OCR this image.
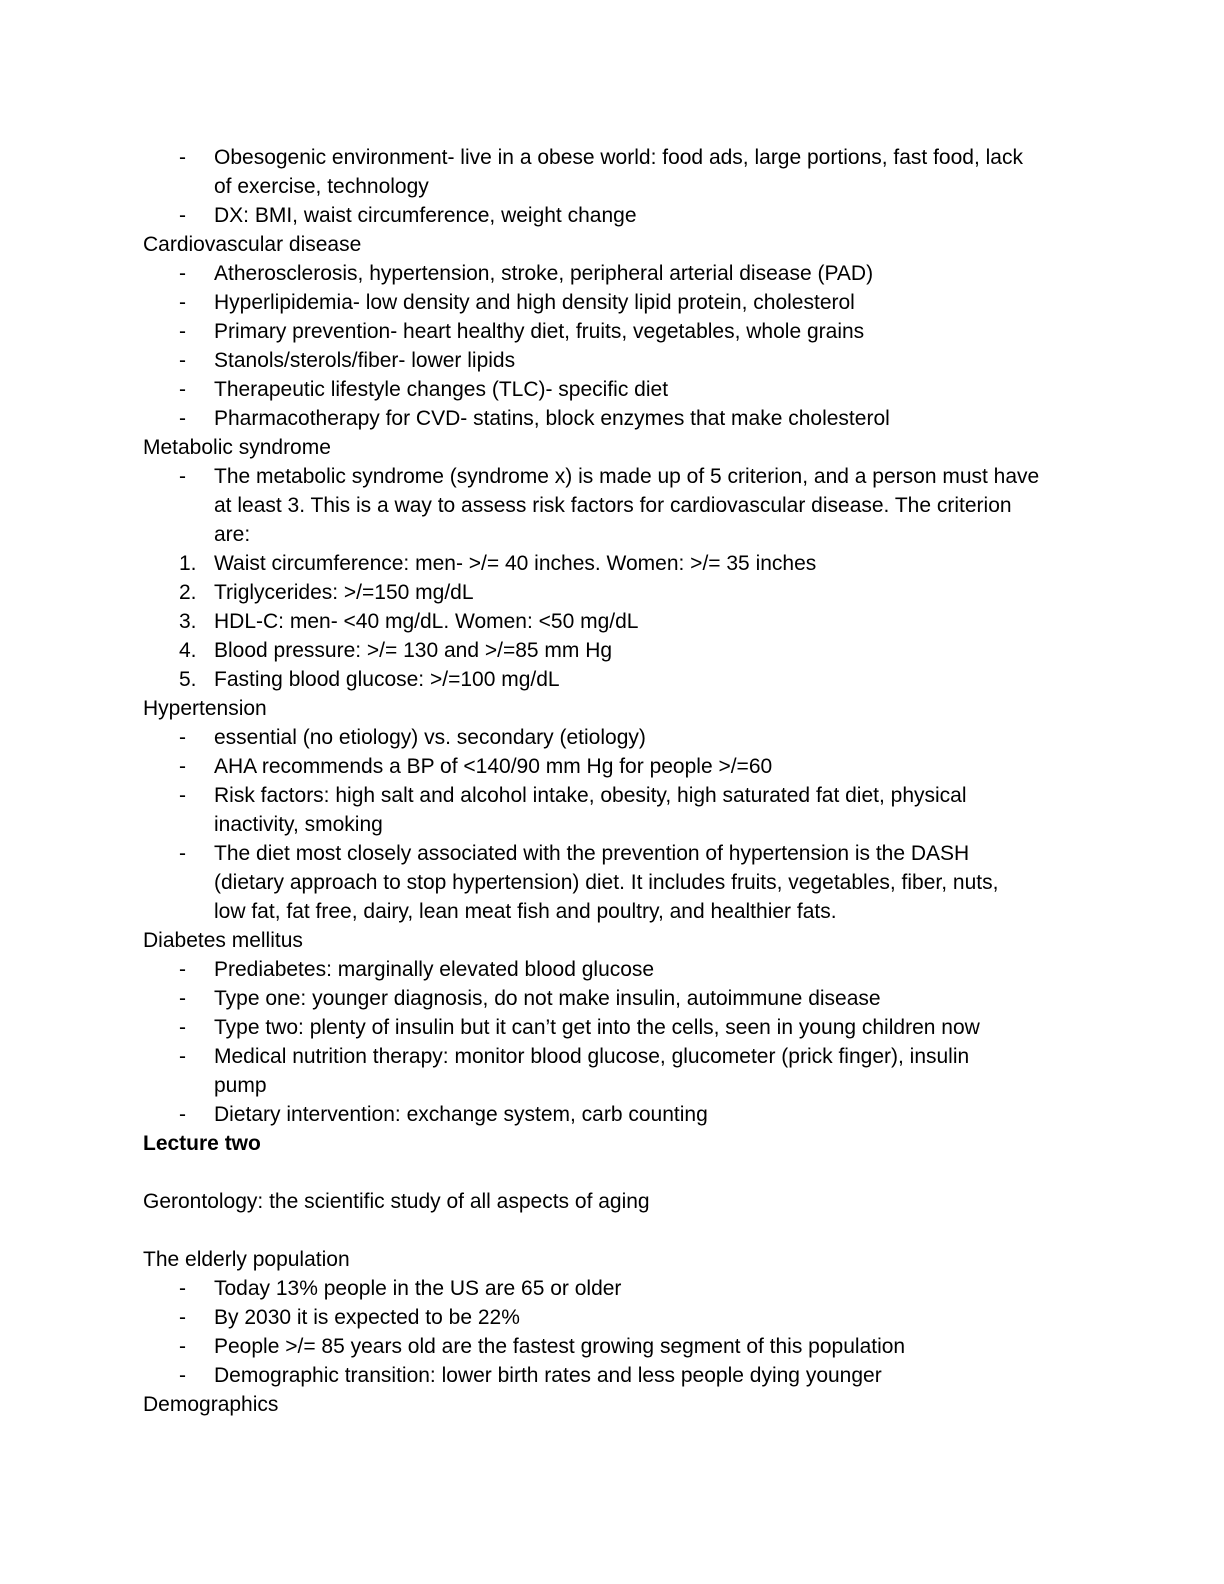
- Obesogenic environment- live in a obese world: food ads, large portions, fast food, lack
of exercise, technology
- DX: BMI, waist circumference, weight change
Cardiovascular disease
- Atherosclerosis, hypertension, stroke, peripheral arterial disease (PAD)
- Hyperlipidemia- low density and high density lipid protein, cholesterol
- Primary prevention- heart healthy diet, fruits, vegetables, whole grains
- Stanols/sterols/fiber- lower lipids
- Therapeutic lifestyle changes (TLC)- specific diet
- Pharmacotherapy for CVD- statins, block enzymes that make cholesterol
Metabolic syndrome
- The metabolic syndrome (syndrome x) is made up of 5 criterion, and a person must have
at least 3. This is a way to assess risk factors for cardiovascular disease. The criterion
are:
1. Waist circumference: men- >/= 40 inches. Women: >/= 35 inches
2. Triglycerides: >/=150 mg/dL
3. HDL-C: men- <40 mg/dL. Women: <50 mg/dL
4. Blood pressure: >/= 130 and >/=85 mm Hg
5. Fasting blood glucose: >/=100 mg/dL
Hypertension
- essential (no etiology) vs. secondary (etiology)
- AHA recommends a BP of <140/90 mm Hg for people >/=60
- Risk factors: high salt and alcohol intake, obesity, high saturated fat diet, physical
inactivity, smoking
- The diet most closely associated with the prevention of hypertension is the DASH
(dietary approach to stop hypertension) diet. It includes fruits, vegetables, fiber, nuts,
low fat, fat free, dairy, lean meat fish and poultry, and healthier fats.
Diabetes mellitus
- Prediabetes: marginally elevated blood glucose
- Type one: younger diagnosis, do not make insulin, autoimmune disease
- Type two: plenty of insulin but it can’t get into the cells, seen in young children now
- Medical nutrition therapy: monitor blood glucose, glucometer (prick finger), insulin
pump
- Dietary intervention: exchange system, carb counting
Lecture two
Gerontology: the scientific study of all aspects of aging
The elderly population
- Today 13% people in the US are 65 or older
- By 2030 it is expected to be 22%
- People >/= 85 years old are the fastest growing segment of this population
- Demographic transition: lower birth rates and less people dying younger
Demographics
